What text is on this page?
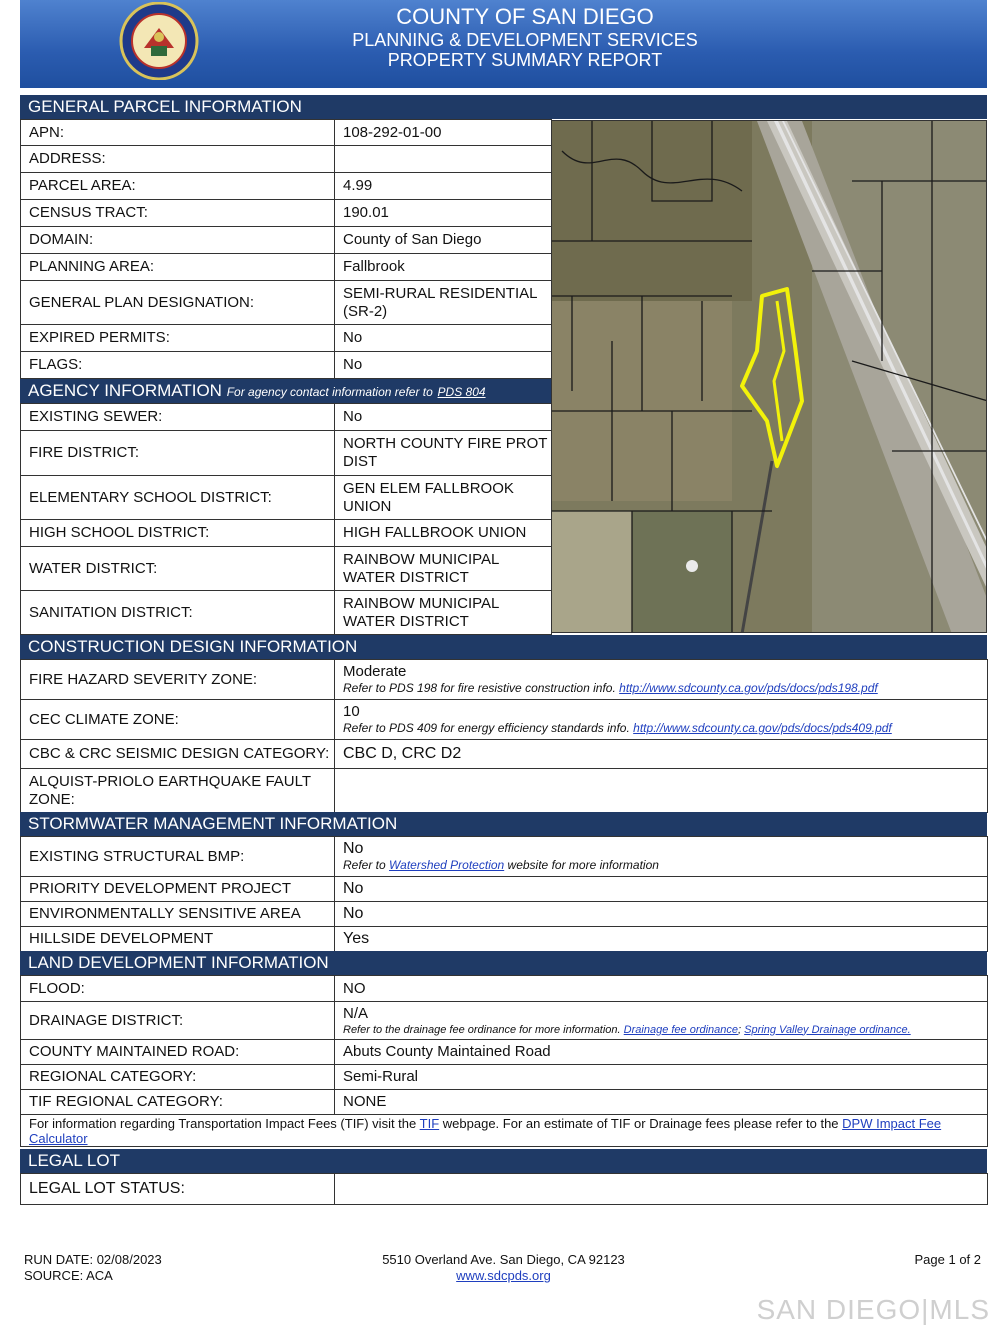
COUNTY OF SAN DIEGO
PLANNING & DEVELOPMENT SERVICES
PROPERTY SUMMARY REPORT
GENERAL PARCEL INFORMATION
APN:	108-292-01-00
ADDRESS:	
PARCEL AREA:	4.99
CENSUS TRACT:	190.01
DOMAIN:	County of San Diego
PLANNING AREA:	Fallbrook
GENERAL PLAN DESIGNATION:	SEMI-RURAL RESIDENTIAL (SR-2)
EXPIRED PERMITS:	No
FLAGS:	No
AGENCY INFORMATION For agency contact information refer to PDS 804
EXISTING SEWER:	No
FIRE DISTRICT:	NORTH COUNTY FIRE PROT DIST
ELEMENTARY SCHOOL DISTRICT:	GEN ELEM FALLBROOK UNION
HIGH SCHOOL DISTRICT:	HIGH FALLBROOK UNION
WATER DISTRICT:	RAINBOW MUNICIPAL WATER DISTRICT
SANITATION DISTRICT:	RAINBOW MUNICIPAL WATER DISTRICT
CONSTRUCTION DESIGN INFORMATION
FIRE HAZARD SEVERITY ZONE:	Moderate
Refer to PDS 198 for fire resistive construction info. http://www.sdcounty.ca.gov/pds/docs/pds198.pdf

CEC CLIMATE ZONE:	10
Refer to PDS 409 for energy efficiency standards info. http://www.sdcounty.ca.gov/pds/docs/pds409.pdf

CBC & CRC SEISMIC DESIGN CATEGORY:	CBC D, CRC D2
ALQUIST-PRIOLO EARTHQUAKE FAULT ZONE:	
STORMWATER MANAGEMENT INFORMATION
EXISTING STRUCTURAL BMP:	No
Refer to Watershed Protection website for more information

PRIORITY DEVELOPMENT PROJECT	No
ENVIRONMENTALLY SENSITIVE AREA	No
HILLSIDE DEVELOPMENT	Yes
LAND DEVELOPMENT INFORMATION
FLOOD:	NO
DRAINAGE DISTRICT:	N/A
Refer to the drainage fee ordinance for more information. Drainage fee ordinance; Spring Valley Drainage ordinance.

COUNTY MAINTAINED ROAD:	Abuts County Maintained Road
REGIONAL CATEGORY:	Semi-Rural
TIF REGIONAL CATEGORY:	NONE
For information regarding Transportation Impact Fees (TIF) visit the TIF webpage. For an estimate of TIF or Drainage fees please refer to the DPW Impact Fee Calculator	
LEGAL LOT
LEGAL LOT STATUS:	
RUN DATE: 02/08/2023
SOURCE: ACA
5510 Overland Ave. San Diego, CA 92123
www.sdcpds.org
Page 1 of 2
SAN DIEGO|MLS
